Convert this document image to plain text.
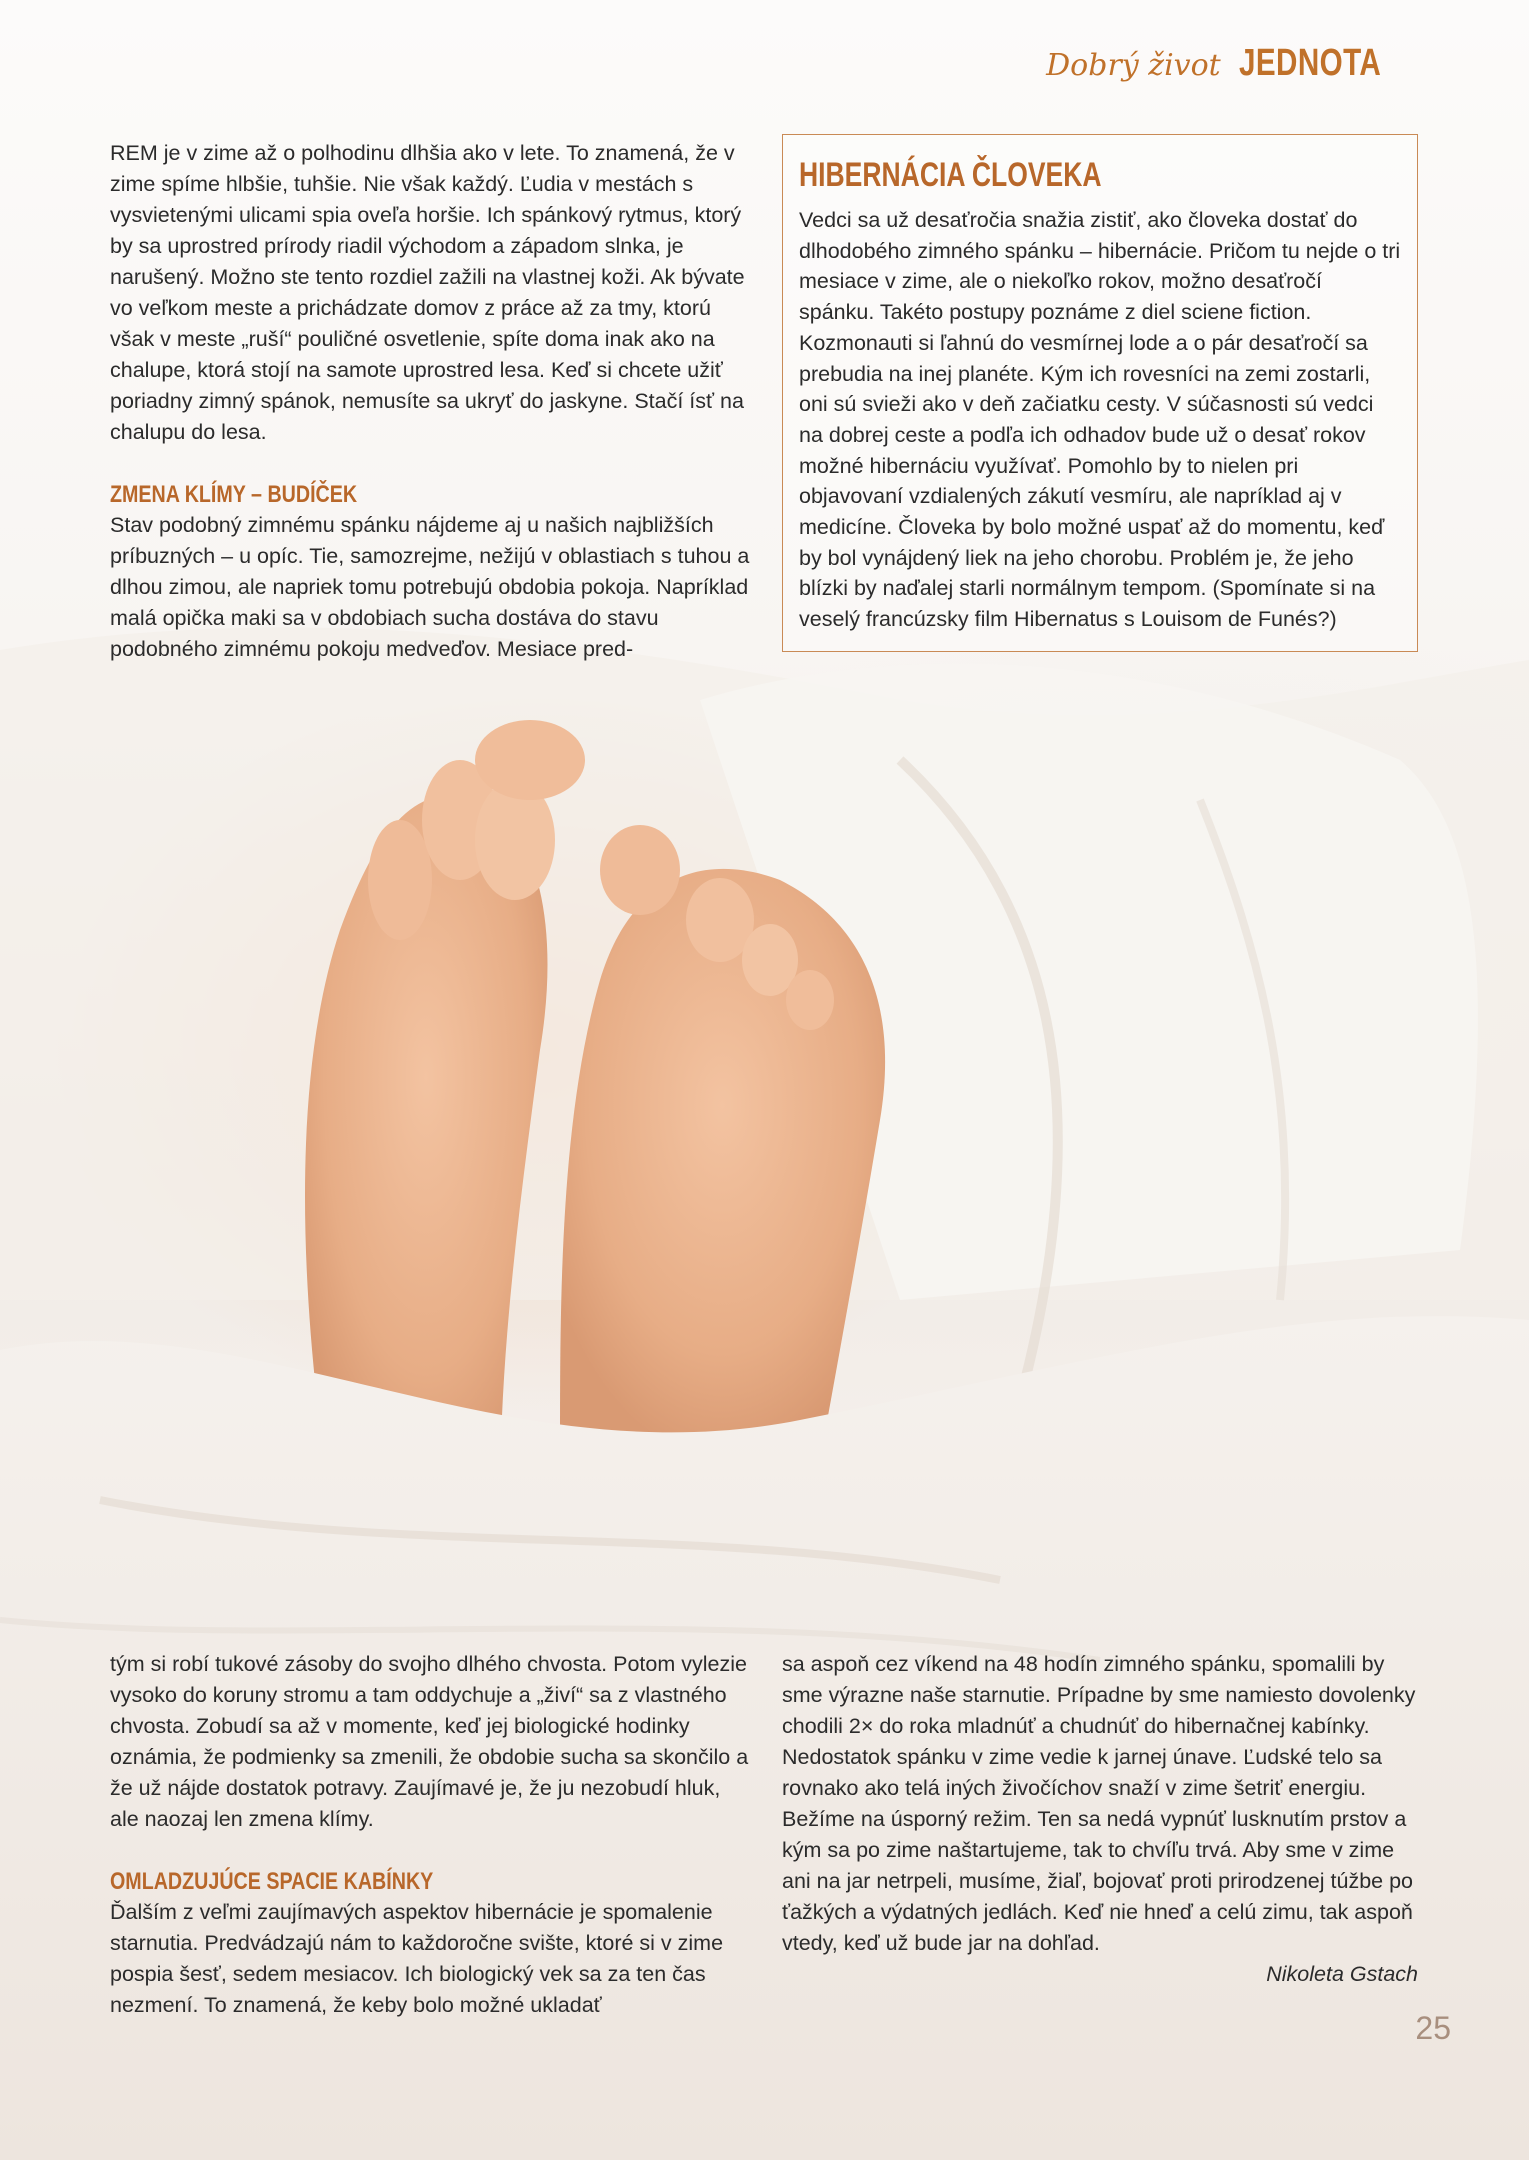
Dobrý život JEDNOTA

REM je v zime až o polhodinu dlhšia ako v lete. To znamená, že v zime spíme hlbšie, tuhšie. Nie však každý. Ľudia v mestách s vysvietenými ulicami spia oveľa horšie. Ich spánkový rytmus, ktorý by sa uprostred prírody riadil východom a západom slnka, je narušený. Možno ste tento rozdiel zažili na vlastnej koži. Ak bývate vo veľkom meste a prichádzate domov z práce až za tmy, ktorú však v meste „ruší“ pouličné osvetlenie, spíte doma inak ako na chalupe, ktorá stojí na samote uprostred lesa. Keď si chcete užiť poriadny zimný spánok, nemusíte sa ukryť do jaskyne. Stačí ísť na chalupu do lesa.

ZMENA KLÍMY – BUDÍČEK

Stav podobný zimnému spánku nájdeme aj u našich najbližších príbuzných – u opíc. Tie, samozrejme, nežijú v oblastiach s tuhou a dlhou zimou, ale napriek tomu potrebujú obdobia pokoja. Napríklad malá opička maki sa v obdobiach sucha dostáva do stavu podobného zimnému pokoju medveďov. Mesiace pred-

HIBERNÁCIA ČLOVEKA

Vedci sa už desaťročia snažia zistiť, ako človeka dostať do dlhodobého zimného spánku – hibernácie. Pričom tu nejde o tri mesiace v zime, ale o niekoľko rokov, možno desaťročí spánku. Takéto postupy poznáme z diel sciene fiction. Kozmonauti si ľahnú do vesmírnej lode a o pár desaťročí sa prebudia na inej planéte. Kým ich rovesníci na zemi zostarli, oni sú svieži ako v deň začiatku cesty. V súčasnosti sú vedci na dobrej ceste a podľa ich odhadov bude už o desať rokov možné hibernáciu využívať. Pomohlo by to nielen pri objavovaní vzdialených zákutí vesmíru, ale napríklad aj v medicíne. Človeka by bolo možné uspať až do momentu, keď by bol vynájdený liek na jeho chorobu. Problém je, že jeho blízki by naďalej starli normálnym tempom. (Spomínate si na veselý francúzsky film Hibernatus s Louisom de Funés?)

tým si robí tukové zásoby do svojho dlhého chvosta. Potom vylezie vysoko do koruny stromu a tam oddychuje a „živí“ sa z vlastného chvosta. Zobudí sa až v momente, keď jej biologické hodinky oznámia, že podmienky sa zmenili, že obdobie sucha sa skončilo a že už nájde dostatok potravy. Zaujímavé je, že ju nezobudí hluk, ale naozaj len zmena klímy.

OMLADZUJÚCE SPACIE KABÍNKY

Ďalším z veľmi zaujímavých aspektov hibernácie je spomalenie starnutia. Predvádzajú nám to každoročne svište, ktoré si v zime pospia šesť, sedem mesiacov. Ich biologický vek sa za ten čas nezmení. To znamená, že keby bolo možné ukladať

sa aspoň cez víkend na 48 hodín zimného spánku, spomalili by sme výrazne naše starnutie. Prípadne by sme namiesto dovolenky chodili 2× do roka mladnúť a chudnúť do hibernačnej kabínky.

Nedostatok spánku v zime vedie k jarnej únave. Ľudské telo sa rovnako ako telá iných živočíchov snaží v zime šetriť energiu. Bežíme na úsporný režim. Ten sa nedá vypnúť lusknutím prstov a kým sa po zime naštartujeme, tak to chvíľu trvá. Aby sme v zime ani na jar netrpeli, musíme, žiaľ, bojovať proti prirodzenej túžbe po ťažkých a výdatných jedlách. Keď nie hneď a celú zimu, tak aspoň vtedy, keď už bude jar na dohľad.

Nikoleta Gstach

25
